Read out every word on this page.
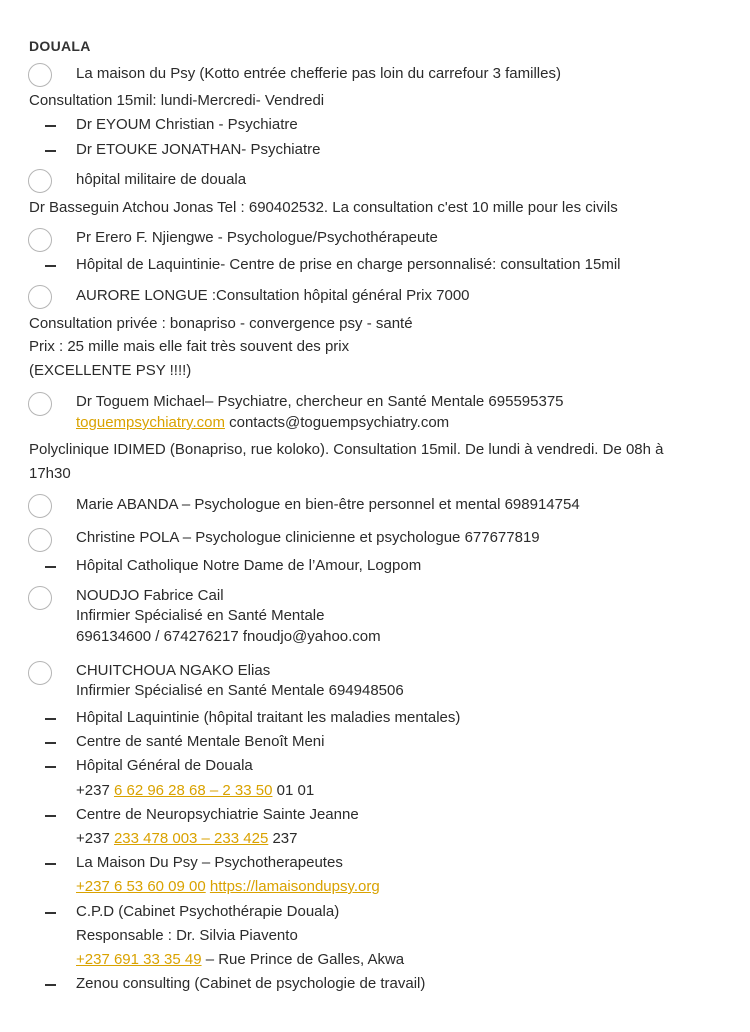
DOUALA
La maison du Psy (Kotto entrée chefferie pas loin du carrefour 3 familles)
Consultation 15mil: lundi-Mercredi- Vendredi
Dr EYOUM Christian - Psychiatre
Dr ETOUKE JONATHAN- Psychiatre
hôpital militaire de douala
Dr Basseguin Atchou Jonas Tel : 690402532. La consultation c'est 10 mille pour les civils
Pr Erero F. Njiengwe - Psychologue/Psychothérapeute
Hôpital de Laquintinie- Centre de prise en charge personnalisé: consultation 15mil
AURORE LONGUE :Consultation hôpital général Prix 7000
Consultation privée : bonapriso - convergence psy - santé
Prix : 25 mille mais elle fait très souvent des prix
(EXCELLENTE PSY !!!!)
Dr Toguem Michael– Psychiatre, chercheur en Santé Mentale 695595375
toguempsychiatry.com contacts@toguempsychiatry.com
Polyclinique IDIMED (Bonapriso, rue koloko). Consultation 15mil. De lundi à vendredi. De 08h à
17h30
Marie ABANDA – Psychologue en bien-être personnel et mental 698914754
Christine POLA – Psychologue clinicienne et psychologue 677677819
Hôpital Catholique Notre Dame de l’Amour, Logpom
NOUDJO Fabrice Cail
Infirmier Spécialisé en Santé Mentale
696134600 / 674276217 fnoudjo@yahoo.com
CHUITCHOUA NGAKO Elias
Infirmier Spécialisé en Santé Mentale 694948506
Hôpital Laquintinie (hôpital traitant les maladies mentales)
Centre de santé Mentale Benoît Meni
Hôpital Général de Douala
+237 6 62 96 28 68 – 2 33 50 01 01
Centre de Neuropsychiatrie Sainte Jeanne
+237 233 478 003 – 233 425 237
La Maison Du Psy – Psychotherapeutes
+237 6 53 60 09 00 https://lamaisondupsy.org
C.P.D (Cabinet Psychothérapie Douala)
Responsable : Dr. Silvia Piavento
+237 691 33 35 49 – Rue Prince de Galles, Akwa
Zenou consulting (Cabinet de psychologie de travail)
